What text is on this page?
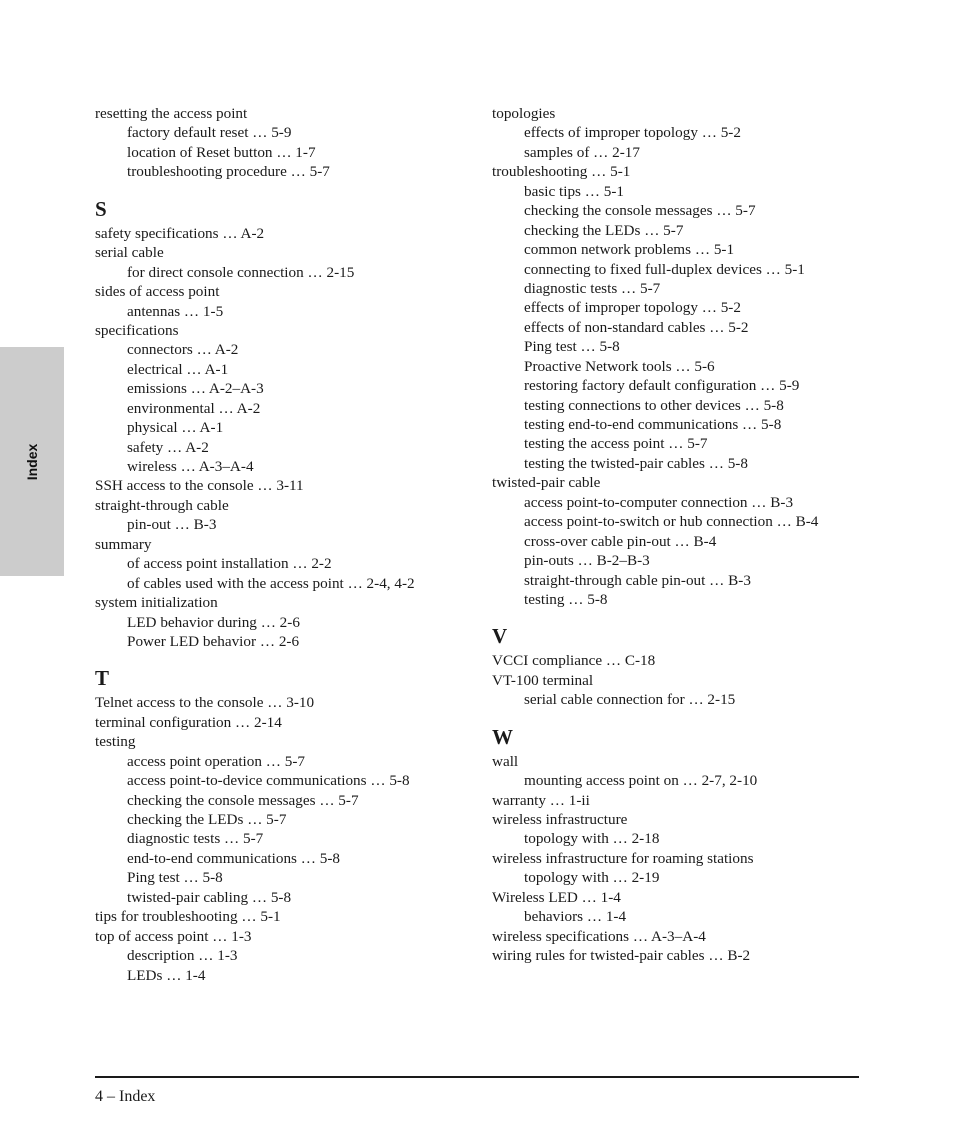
Index
resetting the access point
factory default reset … 5-9
location of Reset button … 1-7
troubleshooting procedure … 5-7
S
safety specifications … A-2
serial cable
for direct console connection … 2-15
sides of access point
antennas … 1-5
specifications
connectors … A-2
electrical … A-1
emissions … A-2–A-3
environmental … A-2
physical … A-1
safety … A-2
wireless … A-3–A-4
SSH access to the console … 3-11
straight-through cable
pin-out … B-3
summary
of access point installation … 2-2
of cables used with the access point … 2-4, 4-2
system initialization
LED behavior during … 2-6
Power LED behavior … 2-6
T
Telnet access to the console … 3-10
terminal configuration … 2-14
testing
access point operation … 5-7
access point-to-device communications … 5-8
checking the console messages … 5-7
checking the LEDs … 5-7
diagnostic tests … 5-7
end-to-end communications … 5-8
Ping test … 5-8
twisted-pair cabling … 5-8
tips for troubleshooting … 5-1
top of access point … 1-3
description … 1-3
LEDs … 1-4
topologies
effects of improper topology … 5-2
samples of … 2-17
troubleshooting … 5-1
basic tips … 5-1
checking the console messages … 5-7
checking the LEDs … 5-7
common network problems … 5-1
connecting to fixed full-duplex devices … 5-1
diagnostic tests … 5-7
effects of improper topology … 5-2
effects of non-standard cables … 5-2
Ping test … 5-8
Proactive Network tools … 5-6
restoring factory default configuration … 5-9
testing connections to other devices … 5-8
testing end-to-end communications … 5-8
testing the access point … 5-7
testing the twisted-pair cables … 5-8
twisted-pair cable
access point-to-computer connection … B-3
access point-to-switch or hub connection … B-4
cross-over cable pin-out … B-4
pin-outs … B-2–B-3
straight-through cable pin-out … B-3
testing … 5-8
V
VCCI compliance … C-18
VT-100 terminal
serial cable connection for … 2-15
W
wall
mounting access point on … 2-7, 2-10
warranty … 1-ii
wireless infrastructure
topology with … 2-18
wireless infrastructure for roaming stations
topology with … 2-19
Wireless LED … 1-4
behaviors … 1-4
wireless specifications … A-3–A-4
wiring rules for twisted-pair cables … B-2
4 – Index
